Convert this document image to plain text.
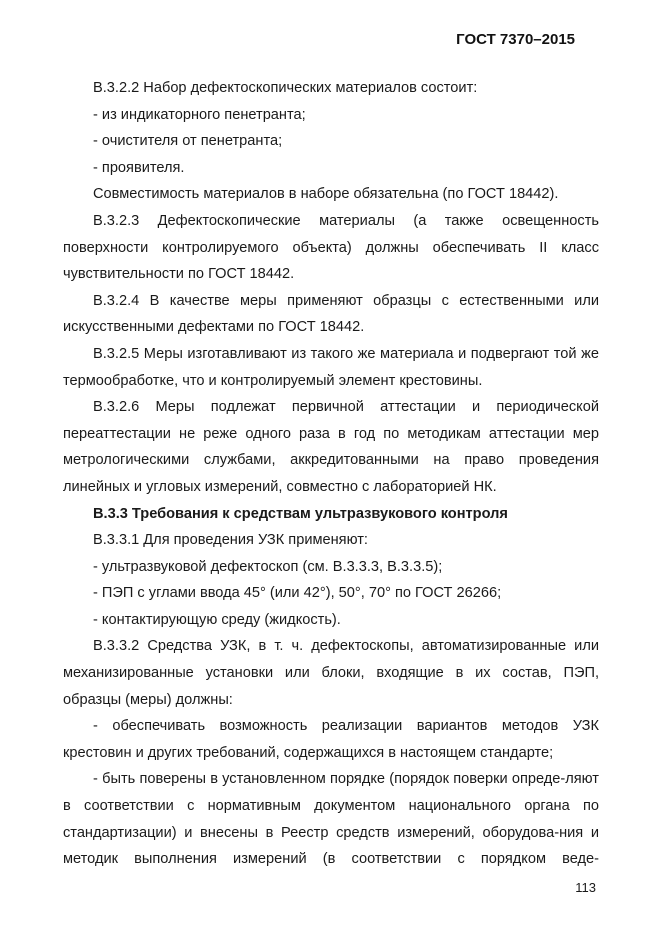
ГОСТ 7370–2015

В.3.2.2 Набор дефектоскопических материалов состоит:

- из индикаторного пенетранта;

- очистителя от пенетранта;

- проявителя.

Совместимость материалов в наборе обязательна (по ГОСТ 18442).

В.3.2.3 Дефектоскопические материалы (а также освещенность поверхности контролируемого объекта) должны обеспечивать II класс чувствительности по ГОСТ 18442.

В.3.2.4 В качестве меры применяют образцы с естественными или искусственными дефектами по ГОСТ 18442.

В.3.2.5 Меры изготавливают из такого же материала и подвергают той же термообработке, что и контролируемый элемент крестовины.

В.3.2.6 Меры подлежат первичной аттестации и периодической переаттестации не реже одного раза в год по методикам аттестации мер метрологическими службами, аккредитованными на право проведения линейных и угловых измерений, совместно с лабораторией НК.

В.3.3 Требования к средствам ультразвукового контроля

В.3.3.1 Для проведения УЗК применяют:

- ультразвуковой дефектоскоп (см. В.3.3.3, В.3.3.5);

- ПЭП с углами ввода 45° (или 42°), 50°, 70° по ГОСТ 26266;

- контактирующую среду (жидкость).

В.3.3.2 Средства УЗК, в т. ч. дефектоскопы, автоматизированные или механизированные установки или блоки, входящие в их состав, ПЭП, образцы (меры) должны:

- обеспечивать возможность реализации вариантов методов УЗК крестовин и других требований, содержащихся в настоящем стандарте;

- быть поверены в установленном порядке (порядок поверки опреде-ляют в соответствии с нормативным документом национального органа по стандартизации) и внесены в Реестр средств измерений, оборудова-ния и методик выполнения измерений (в соответствии с порядком веде-

113
